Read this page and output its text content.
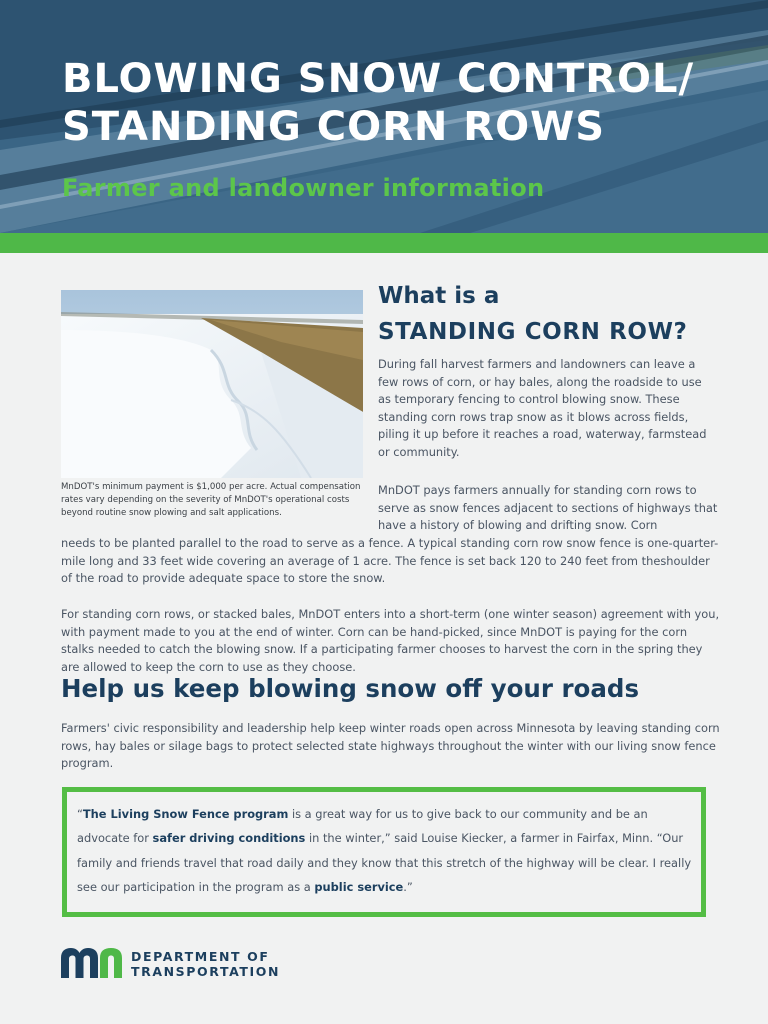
BLOWING SNOW CONTROL/
STANDING CORN ROWS

Farmer and landowner information

MnDOT's minimum payment is $1,000 per acre. Actual compensation rates vary depending on the severity of MnDOT's operational costs beyond routine snow plowing and salt applications.

What is a
STANDING CORN ROW?

During fall harvest farmers and landowners can leave a few rows of corn, or hay bales, along the roadside to use as temporary fencing to control blowing snow. These standing corn rows trap snow as it blows across fields, piling it up before it reaches a road, waterway, farmstead or community.

MnDOT pays farmers annually for standing corn rows to serve as snow fences adjacent to sections of highways that have a history of blowing and drifting snow. Corn

needs to be planted parallel to the road to serve as a fence. A typical standing corn row snow fence is one-quarter-mile long and 33 feet wide covering an average of 1 acre. The fence is set back 120 to 240 feet from theshoulder of the road to provide adequate space to store the snow.

For standing corn rows, or stacked bales, MnDOT enters into a short-term (one winter season) agreement with you, with payment made to you at the end of winter. Corn can be hand-picked, since MnDOT is paying for the corn stalks needed to catch the blowing snow. If a participating farmer chooses to harvest the corn in the spring they are allowed to keep the corn to use as they choose.

Help us keep blowing snow off your roads

Farmers' civic responsibility and leadership help keep winter roads open across Minnesota by leaving standing corn rows, hay bales or silage bags to protect selected state highways throughout the winter with our living snow fence program.

“The Living Snow Fence program is a great way for us to give back to our community and be an advocate for safer driving conditions in the winter,” said Louise Kiecker, a farmer in Fairfax, Minn. “Our family and friends travel that road daily and they know that this stretch of the highway will be clear. I really see our participation in the program as a public service.”

DEPARTMENT OF
TRANSPORTATION
